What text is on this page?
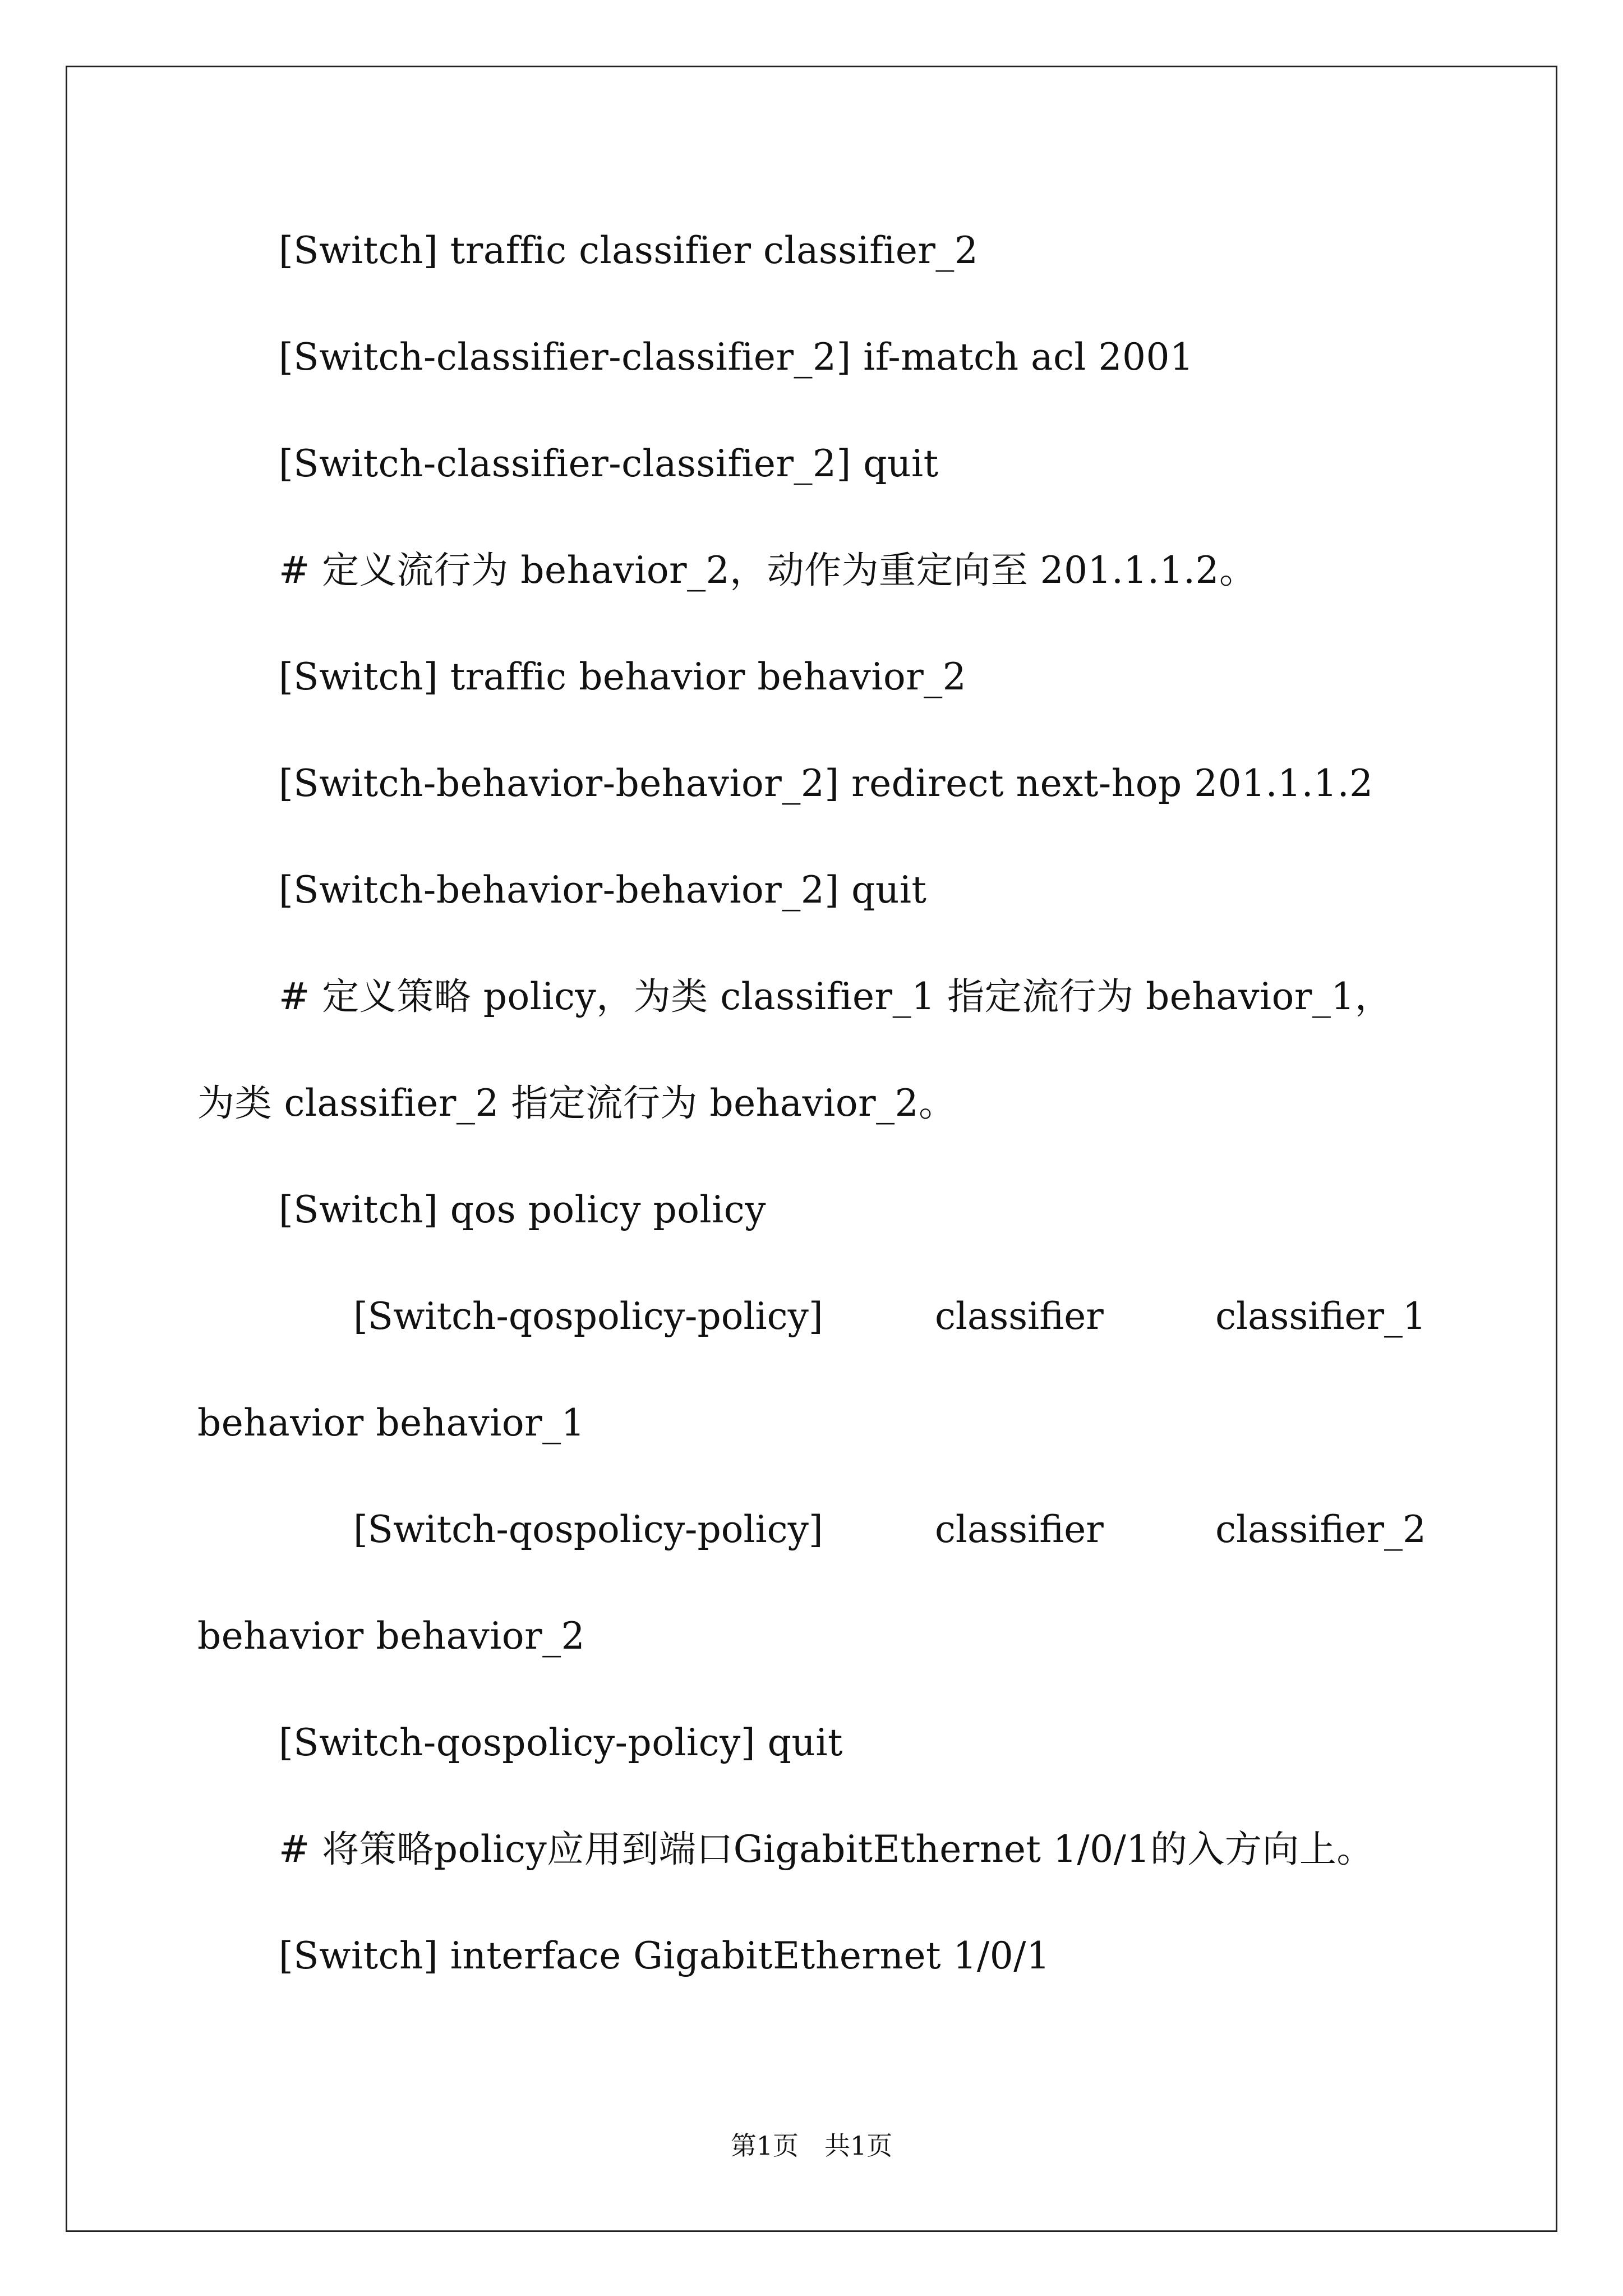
[Switch] traffic classifier classifier_2
[Switch-classifier-classifier_2] if-match acl 2001
[Switch-classifier-classifier_2] quit
# 定义流行为 behavior_2，动作为重定向至 201.1.1.2。
[Switch] traffic behavior behavior_2
[Switch-behavior-behavior_2] redirect next-hop 201.1.1.2
[Switch-behavior-behavior_2] quit
# 定义策略 policy，为类 classifier_1 指定流行为 behavior_1，
为类 classifier_2 指定流行为 behavior_2。
[Switch] qos policy policy
[Switch-qospolicy-policy]	classifier	classifier_1
behavior behavior_1
[Switch-qospolicy-policy]	classifier	classifier_2
behavior behavior_2
[Switch-qospolicy-policy] quit
# 将策略policy应用到端口GigabitEthernet 1/0/1的入方向上。
[Switch] interface GigabitEthernet 1/0/1
第1页　共1页
